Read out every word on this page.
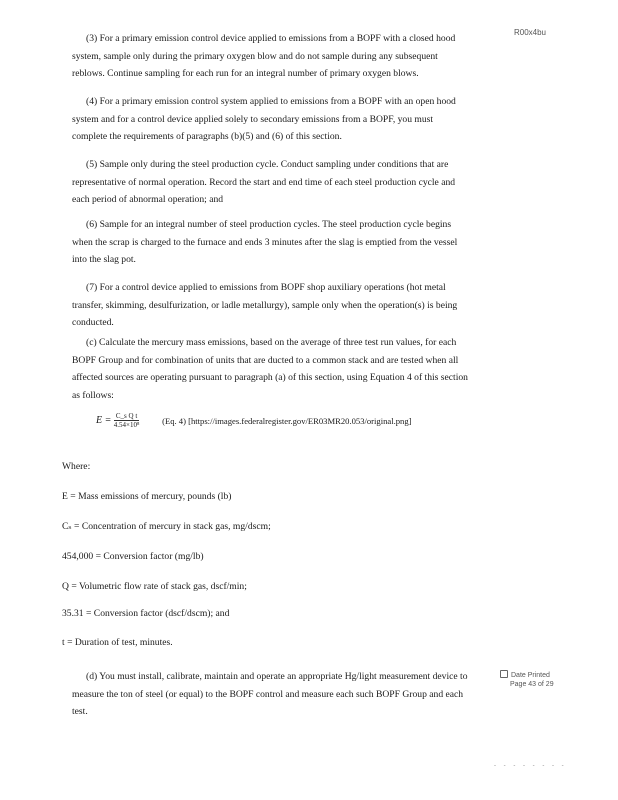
R00x4bu

(3) For a primary emission control device applied to emissions from a BOPF with a closed hood system, sample only during the primary oxygen blow and do not sample during any subsequent reblows. Continue sampling for each run for an integral number of primary oxygen blows.

(4) For a primary emission control system applied to emissions from a BOPF with an open hood system and for a control device applied solely to secondary emissions from a BOPF, you must complete the requirements of paragraphs (b)(5) and (6) of this section.

(5) Sample only during the steel production cycle. Conduct sampling under conditions that are representative of normal operation. Record the start and end time of each steel production cycle and each period of abnormal operation; and

(6) Sample for an integral number of steel production cycles. The steel production cycle begins when the scrap is charged to the furnace and ends 3 minutes after the slag is emptied from the vessel into the slag pot.

(7) For a control device applied to emissions from BOPF shop auxiliary operations (hot metal transfer, skimming, desulfurization, or ladle metallurgy), sample only when the operation(s) is being conducted.

(c) Calculate the mercury mass emissions, based on the average of three test run values, for each BOPF Group and for combination of units that are ducted to a common stack and are tested when all affected sources are operating pursuant to paragraph (a) of this section, using Equation 4 of this section as follows:

$E = \frac{\text{C\_s Q t}}{\text{4.54×10⁸}}$	(Eq. 4) [https://images.federalregister.gov/ER03MR20.053/original.png]

Where:

E = Mass emissions of mercury, pounds (lb)

Cₛ = Concentration of mercury in stack gas, mg/dscm;

454,000 = Conversion factor (mg/lb)

Q = Volumetric flow rate of stack gas, dscf/min;

35.31 = Conversion factor (dscf/dscm); and

t = Duration of test, minutes.

(d) You must install, calibrate, maintain and operate an appropriate Hg/light measurement device to measure the ton of steel (or equal) to the BOPF control and measure each such BOPF Group and each test.

Date Printed
Page 43 of 29
- - - - - - - -
